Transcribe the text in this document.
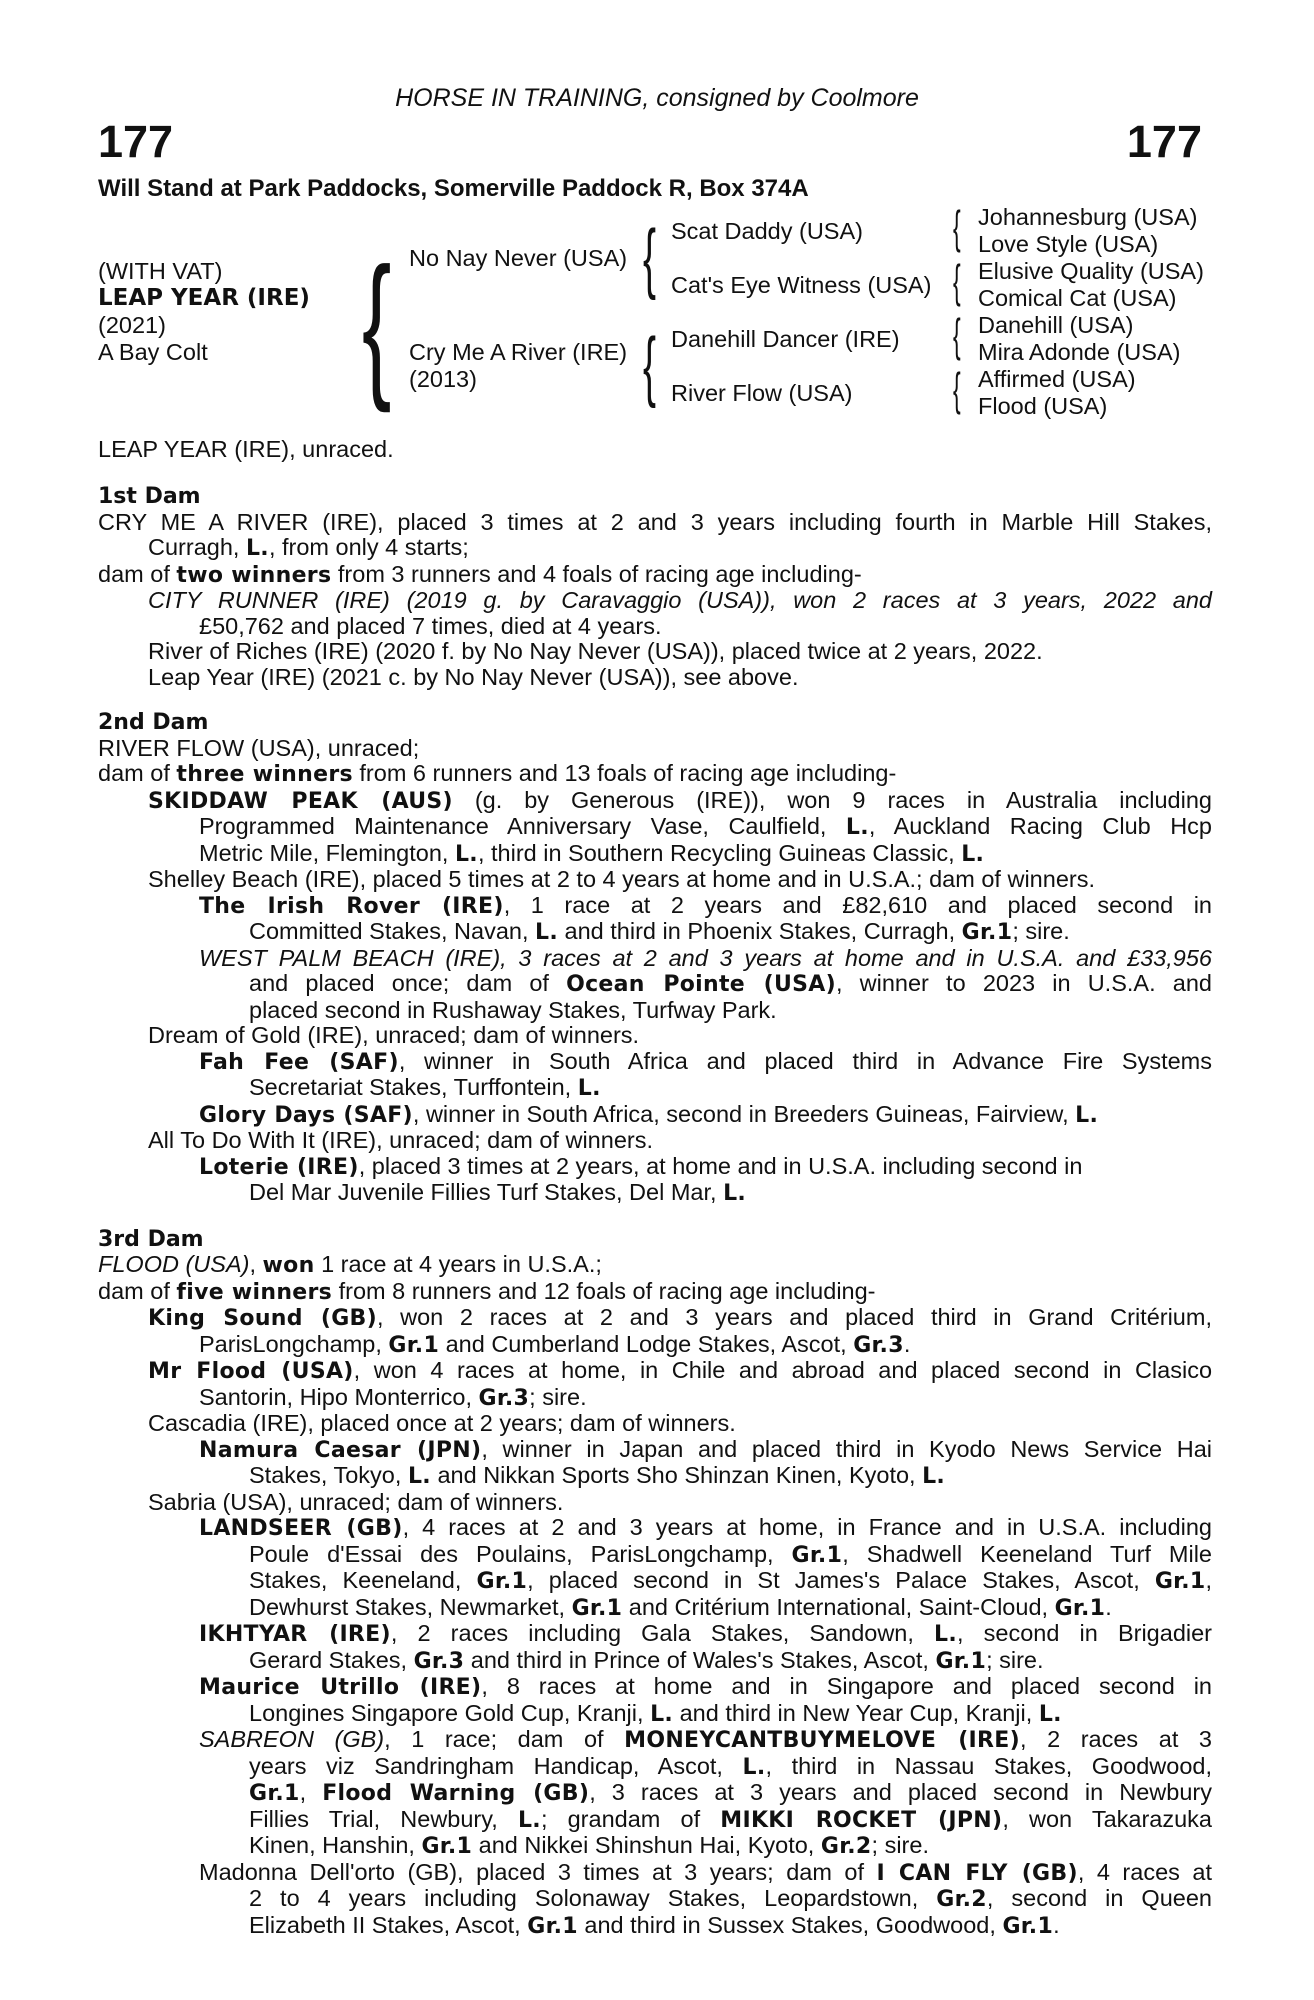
HORSE IN TRAINING, consigned by Coolmore
177	177
Will Stand at Park Paddocks, Somerville Paddock R, Box 374A
(WITH VAT)
LEAP YEAR (IRE)
(2021)
A Bay Colt { No Nay Never (USA)
Cry Me A River (IRE)
(2013)
{
{
Scat Daddy (USA)
Cat's Eye Witness (USA)
Danehill Dancer (IRE)
River Flow (USA)
{
{
{
{
Johannesburg (USA)
Love Style (USA)
Elusive Quality (USA)
Comical Cat (USA)
Danehill (USA)
Mira Adonde (USA)
Affirmed (USA)
Flood (USA)
LEAP YEAR (IRE), unraced.
1st Dam
CRY ME A RIVER (IRE), placed 3 times at 2 and 3 years including fourth in Marble Hill Stakes,
Curragh, L., from only 4 starts;
dam of two winners from 3 runners and 4 foals of racing age including-
CITY RUNNER (IRE) (2019 g. by Caravaggio (USA)), won 2 races at 3 years, 2022 and
£50,762 and placed 7 times, died at 4 years.
River of Riches (IRE) (2020 f. by No Nay Never (USA)), placed twice at 2 years, 2022.
Leap Year (IRE) (2021 c. by No Nay Never (USA)), see above.
2nd Dam
RIVER FLOW (USA), unraced;
dam of three winners from 6 runners and 13 foals of racing age including-
SKIDDAW PEAK (AUS) (g. by Generous (IRE)), won 9 races in Australia including
Programmed Maintenance Anniversary Vase, Caulfield, L., Auckland Racing Club Hcp
Metric Mile, Flemington, L., third in Southern Recycling Guineas Classic, L.
Shelley Beach (IRE), placed 5 times at 2 to 4 years at home and in U.S.A.; dam of winners.
The Irish Rover (IRE), 1 race at 2 years and £82,610 and placed second in
Committed Stakes, Navan, L. and third in Phoenix Stakes, Curragh, Gr.1; sire.
WEST PALM BEACH (IRE), 3 races at 2 and 3 years at home and in U.S.A. and £33,956
and placed once; dam of Ocean Pointe (USA), winner to 2023 in U.S.A. and
placed second in Rushaway Stakes, Turfway Park.
Dream of Gold (IRE), unraced; dam of winners.
Fah Fee (SAF), winner in South Africa and placed third in Advance Fire Systems
Secretariat Stakes, Turffontein, L.
Glory Days (SAF), winner in South Africa, second in Breeders Guineas, Fairview, L.
All To Do With It (IRE), unraced; dam of winners.
Loterie (IRE), placed 3 times at 2 years, at home and in U.S.A. including second in
Del Mar Juvenile Fillies Turf Stakes, Del Mar, L.
3rd Dam
FLOOD (USA), won 1 race at 4 years in U.S.A.;
dam of five winners from 8 runners and 12 foals of racing age including-
King Sound (GB), won 2 races at 2 and 3 years and placed third in Grand Critérium,
ParisLongchamp, Gr.1 and Cumberland Lodge Stakes, Ascot, Gr.3.
Mr Flood (USA), won 4 races at home, in Chile and abroad and placed second in Clasico
Santorin, Hipo Monterrico, Gr.3; sire.
Cascadia (IRE), placed once at 2 years; dam of winners.
Namura Caesar (JPN), winner in Japan and placed third in Kyodo News Service Hai
Stakes, Tokyo, L. and Nikkan Sports Sho Shinzan Kinen, Kyoto, L.
Sabria (USA), unraced; dam of winners.
LANDSEER (GB), 4 races at 2 and 3 years at home, in France and in U.S.A. including
Poule d'Essai des Poulains, ParisLongchamp, Gr.1, Shadwell Keeneland Turf Mile
Stakes, Keeneland, Gr.1, placed second in St James's Palace Stakes, Ascot, Gr.1,
Dewhurst Stakes, Newmarket, Gr.1 and Critérium International, Saint-Cloud, Gr.1.
IKHTYAR (IRE), 2 races including Gala Stakes, Sandown, L., second in Brigadier
Gerard Stakes, Gr.3 and third in Prince of Wales's Stakes, Ascot, Gr.1; sire.
Maurice Utrillo (IRE), 8 races at home and in Singapore and placed second in
Longines Singapore Gold Cup, Kranji, L. and third in New Year Cup, Kranji, L.
SABREON (GB), 1 race; dam of MONEYCANTBUYMELOVE (IRE), 2 races at 3
years viz Sandringham Handicap, Ascot, L., third in Nassau Stakes, Goodwood,
Gr.1, Flood Warning (GB), 3 races at 3 years and placed second in Newbury
Fillies Trial, Newbury, L.; grandam of MIKKI ROCKET (JPN), won Takarazuka
Kinen, Hanshin, Gr.1 and Nikkei Shinshun Hai, Kyoto, Gr.2; sire.
Madonna Dell'orto (GB), placed 3 times at 3 years; dam of I CAN FLY (GB), 4 races at
2 to 4 years including Solonaway Stakes, Leopardstown, Gr.2, second in Queen
Elizabeth II Stakes, Ascot, Gr.1 and third in Sussex Stakes, Goodwood, Gr.1.
